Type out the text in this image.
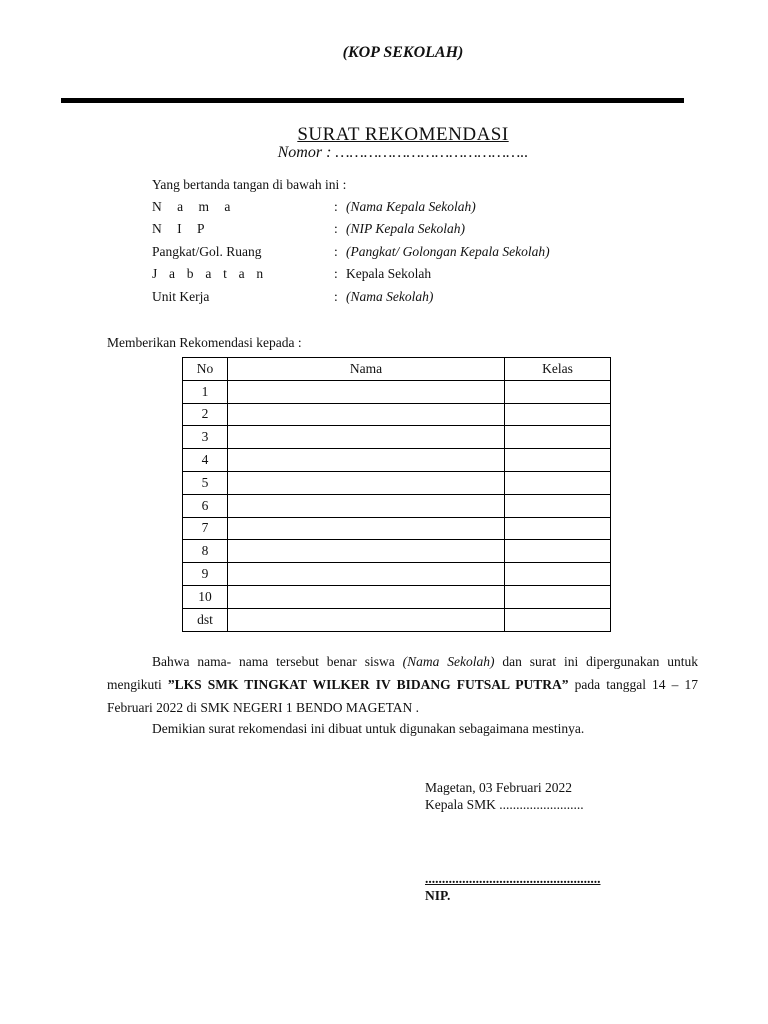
(KOP SEKOLAH)
SURAT REKOMENDASI
Nomor : …………………………………..
Yang bertanda tangan di bawah ini :
N a m a	: (Nama Kepala Sekolah)
N I P	: (NIP Kepala Sekolah)
Pangkat/Gol. Ruang	: (Pangkat/ Golongan Kepala Sekolah)
J a b a t a n	: Kepala Sekolah
Unit Kerja	: (Nama Sekolah)
Memberikan Rekomendasi kepada :
No	Nama	Kelas
1		
2		
3		
4		
5		
6		
7		
8		
9		
10		
dst		
Bahwa nama- nama tersebut benar siswa (Nama Sekolah) dan surat ini dipergunakan untuk mengikuti ”LKS SMK TINGKAT WILKER IV BIDANG FUTSAL PUTRA” pada tanggal 14 – 17 Februari 2022 di SMK NEGERI 1 BENDO MAGETAN .
Demikian surat rekomendasi ini dibuat untuk digunakan sebagaimana mestinya.
Magetan, 03 Februari 2022
Kepala SMK .........................
....................................................
NIP.
